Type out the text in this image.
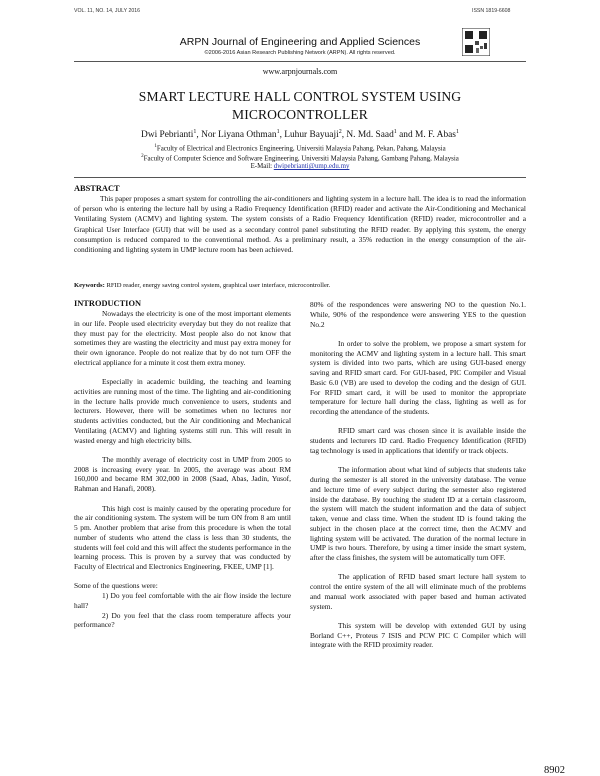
VOL. 11, NO. 14, JULY 2016	ISSN 1819-6608
ARPN Journal of Engineering and Applied Sciences
©2006-2016 Asian Research Publishing Network (ARPN). All rights reserved.
www.arpnjournals.com
SMART LECTURE HALL CONTROL SYSTEM USING
MICROCONTROLLER
Dwi Pebrianti$^1$, Nor Liyana Othman$^1$, Luhur Bayuaji$^2$, N. Md. Saad$^1$ and M. F. Abas$^1$
$^1$Faculty of Electrical and Electronics Engineering, Universiti Malaysia Pahang, Pekan, Pahang, Malaysia
$^2$Faculty of Computer Science and Software Engineering, Universiti Malaysia Pahang, Gambang Pahang, Malaysia
E-Mail: dwipebrianti@ump.edu.my
ABSTRACT

This paper proposes a smart system for controlling the air-conditioners and lighting system in a lecture hall. The idea is to read the information of person who is entering the lecture hall by using a Radio Frequency Identification (RFID) reader and activate the Air-Conditioning and Mechanical Ventilating System (ACMV) and lighting system. The system consists of a Radio Frequency Identification (RFID) reader, microcontroller and a Graphical User Interface (GUI) that will be used as a secondary control panel substituting the RFID reader. By applying this system, the energy consumption is reduced compared to the conventional method. As a preliminary result, a 35% reduction in the energy consumption of the air-conditioning and lighting system in UMP lecture room has been achieved.

Keywords: RFID reader, energy saving control system, graphical user interface, microcontroller.
INTRODUCTION

Nowadays the electricity is one of the most important elements in our life. People used electricity everyday but they do not realize that they must pay for the electricity. Most people also do not know that sometimes they are wasting the electricity and must pay extra money for their own ignorance. People do not realize that by do not turn OFF the electrical appliance for a minute it cost them extra money.

Especially in academic building, the teaching and learning activities are running most of the time. The lighting and air-conditioning in the lecture halls provide much convenience to users, students and lecturers. However, there will be sometimes when no lectures nor students activities conducted, but the Air conditioning and Mechanical Ventilating (ACMV) and lighting systems still run. This will result in wasted energy and high electricity bills.

The monthly average of electricity cost in UMP from 2005 to 2008 is increasing every year. In 2005, the average was about RM 160,000 and became RM 302,000 in 2008 (Saad, Abas, Jadin, Yusof, Rahman and Hanafi, 2008).

This high cost is mainly caused by the operating procedure for the air conditioning system. The system will be turn ON from 8 am until 5 pm. Another problem that arise from this procedure is when the total number of students who attend the class is less than 30 students, the students will feel cold and this will affect the students performance in the learning process. This is proven by a survey that was conducted by Faculty of Electrical and Electronics Engineering, FKEE, UMP [1].

Some of the questions were:

1) Do you feel comfortable with the air flow inside the lecture hall?

2) Do you feel that the class room temperature affects your performance?

80% of the respondences were answering NO to the question No.1. While, 90% of the respondence were answering YES to the question No.2

In order to solve the problem, we propose a smart system for monitoring the ACMV and lighting system in a lecture hall. This smart system is divided into two parts, which are using GUI-based energy saving and RFID smart card. For GUI-based, PIC Compiler and Visual Basic 6.0 (VB) are used to develop the coding and the design of GUI. For RFID smart card, it will be used to monitor the appropriate temperature for lecture hall during the class, lighting as well as for recording the attendance of the students.

RFID smart card was chosen since it is available inside the students and lecturers ID card. Radio Frequency Identification (RFID) tag technology is used in applications that identify or track objects.

The information about what kind of subjects that students take during the semester is all stored in the university database. The venue and lecture time of every subject during the semester also registered inside the database. By touching the student ID at a certain classroom, the system will match the student information and the data of subject taken, venue and class time. When the student ID is found taking the subject in the chosen place at the correct time, then the ACMV and lighting system will be activated. The duration of the normal lecture in UMP is two hours. Therefore, by using a timer inside the smart system, after the class finishes, the system will be automatically turn OFF.

The application of RFID based smart lecture hall system to control the entire system of the all will eliminate much of the problems and manual work associated with paper based and human activated system.

This system will be develop with extended GUI by using Borland C++, Proteus 7 ISIS and PCW PIC C Compiler which will integrate with the RFID proximity reader.

8902
